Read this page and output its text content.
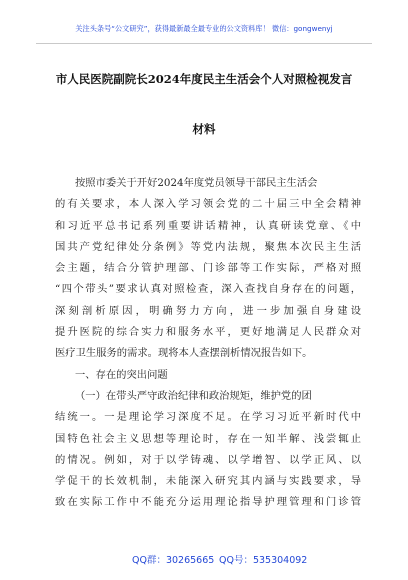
关注头条号“公文研究”，获得最新最全最专业的公文资料库！ 微信：gongwenyj
市人民医院副院长2024年度民主生活会个人对照检视发言
材料
按照市委关于开好2024年度党员领导干部民主生活会
的有关要求，本人深入学习领会党的二十届三中全会精神
和习近平总书记系列重要讲话精神，认真研读党章、《中
国共产党纪律处分条例》等党内法规，聚焦本次民主生活
会主题，结合分管护理部、门诊部等工作实际，严格对照
“四个带头”要求认真对照检查，深入查找自身存在的问题，
深刻剖析原因，明确努力方向，进一步加强自身建设
提升医院的综合实力和服务水平，更好地满足人民群众对
医疗卫生服务的需求。现将本人查摆剖析情况报告如下。
一、存在的突出问题
（一）在带头严守政治纪律和政治规矩，维护党的团
结统一。一是理论学习深度不足。在学习习近平新时代中
国特色社会主义思想等理论时，存在一知半解、浅尝辄止
的情况。例如，对于以学铸魂、以学增智、以学正风、以
学促干的长效机制，未能深入研究其内涵与实践要求，导
致在实际工作中不能充分运用理论指导护理管理和门诊管
QQ群：30265665 QQ号：535304092
